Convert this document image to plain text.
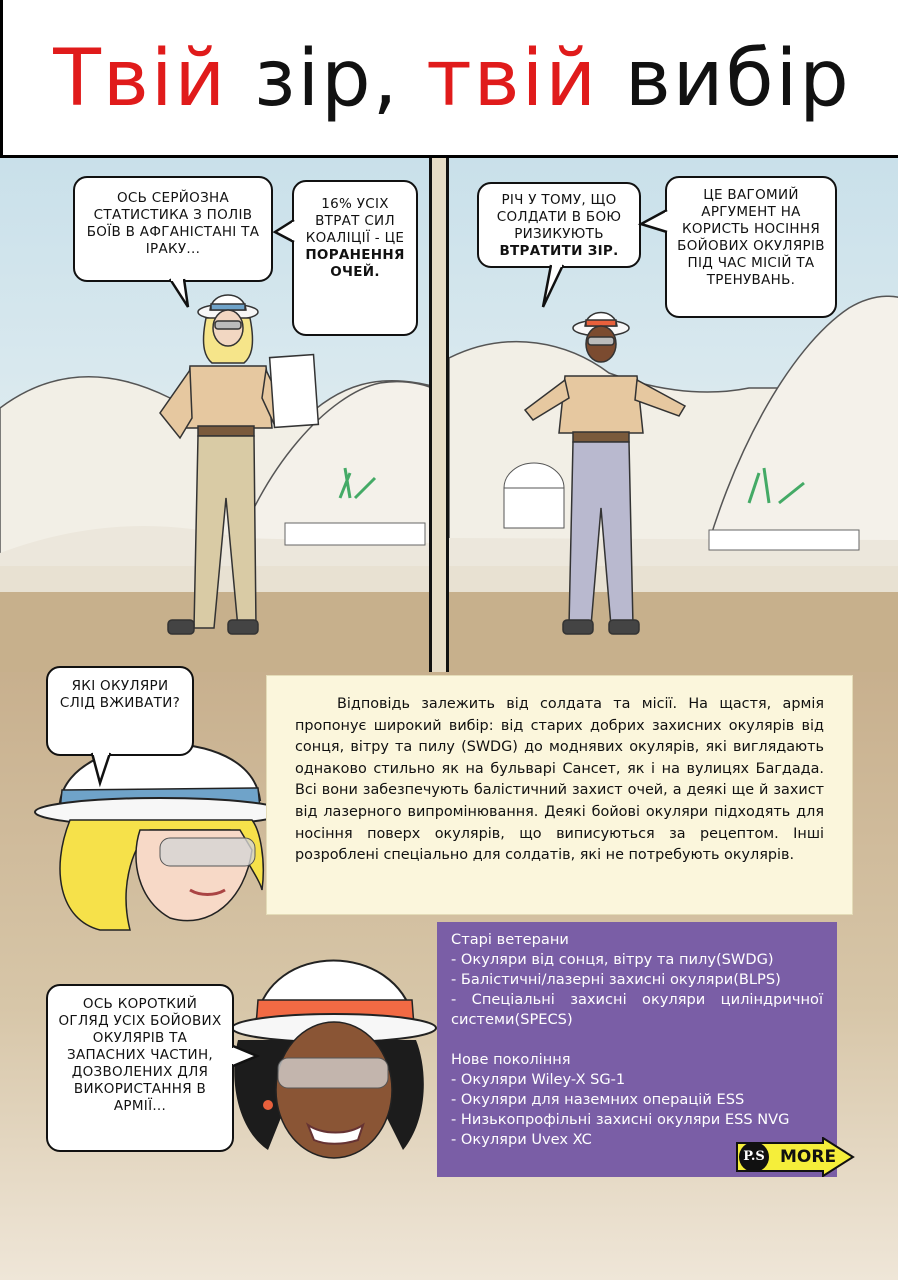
Твій зір, твій вибір
ОСЬ СЕРЙОЗНА СТАТИСТИКА З ПОЛІВ БОЇВ В АФГАНІСТАНІ ТА ІРАКУ...
16% УСІХ ВТРАТ СИЛ КОАЛІЦІЇ - ЦЕ ПОРАНЕННЯ ОЧЕЙ.
РІЧ У ТОМУ, ЩО СОЛДАТИ В БОЮ РИЗИКУЮТЬ ВТРАТИТИ ЗІР.
ЦЕ ВАГОМИЙ АРГУМЕНТ НА КОРИСТЬ НОСІННЯ БОЙОВИХ ОКУЛЯРІВ ПІД ЧАС МІСІЙ ТА ТРЕНУВАНЬ.
ЯКІ ОКУЛЯРИ СЛІД ВЖИВАТИ?
ОСЬ КОРОТКИЙ ОГЛЯД УСІХ БОЙОВИХ ОКУЛЯРІВ ТА ЗАПАСНИХ ЧАСТИН, ДОЗВОЛЕНИХ ДЛЯ ВИКОРИСТАННЯ В АРМІЇ...
Відповідь залежить від солдата та місії. На щастя, армія пропонує широкий вибір: від старих добрих захисних окулярів від сонця, вітру та пилу (SWDG) до моднявих окулярів, які виглядають однаково стильно як на бульварі Сансет, як і на вулицях Багдада. Всі вони забезпечують балістичний захист очей, а деякі ще й захист від лазерного випромінювання. Деякі бойові окуляри підходять для носіння поверх окулярів, що виписуються за рецептом. Інші розроблені спеціально для солдатів, які не потребують окулярів.
Старі ветерани
- Окуляри від сонця, вітру та пилу(SWDG)
- Балістичні/лазерні захисні окуляри(BLPS)
- Спеціальні захисні окуляри циліндричної системи(SPECS)
Нове покоління
- Окуляри Wiley-X SG-1
- Окуляри для наземних операцій ESS
- Низькопрофільні захисні окуляри ESS NVG
- Окуляри Uvex XC
P.S MORE
